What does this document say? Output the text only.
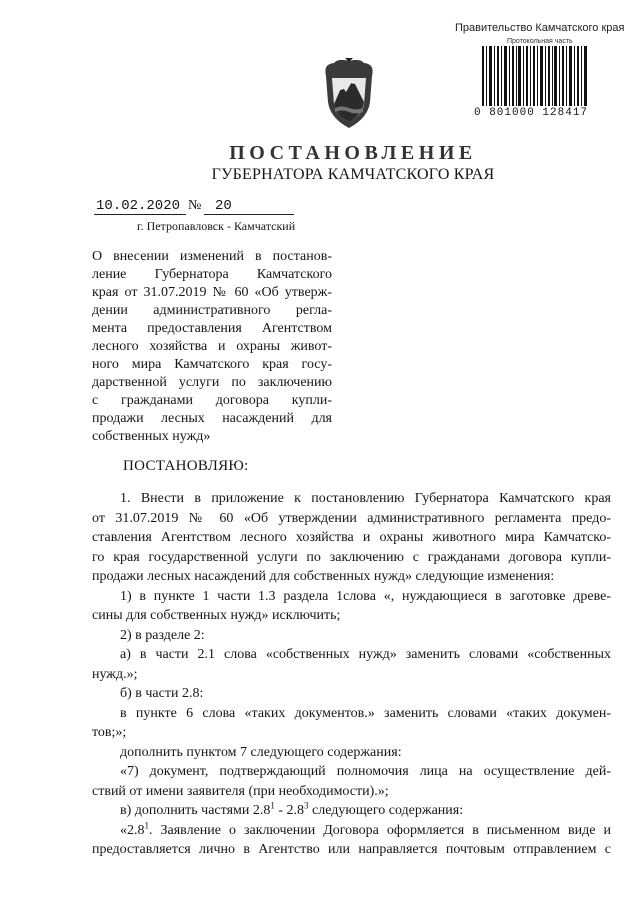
Правительство Камчатского края
Протокольная часть
0 801000 128417
ПОСТАНОВЛЕНИЕ
ГУБЕРНАТОРА КАМЧАТСКОГО КРАЯ
10.02.2020 № 20
г. Петропавловск - Камчатский
О внесении изменений в постанов-
ление Губернатора Камчатского
края от 31.07.2019 № 60 «Об утверж-
дении административного регла-
мента предоставления Агентством
лесного хозяйства и охраны живот-
ного мира Камчатского края госу-
дарственной услуги по заключению
с гражданами договора купли-
продажи лесных насаждений для
собственных нужд»
ПОСТАНОВЛЯЮ:
1. Внести в приложение к постановлению Губернатора Камчатского края
от 31.07.2019 № 60 «Об утверждении административного регламента предо-
ставления Агентством лесного хозяйства и охраны животного мира Камчатско-
го края государственной услуги по заключению с гражданами договора купли-
продажи лесных насаждений для собственных нужд» следующие изменения:
1) в пункте 1 части 1.3 раздела 1слова «, нуждающиеся в заготовке древе-
сины для собственных нужд» исключить;
2) в разделе 2:
а) в части 2.1 слова «собственных нужд» заменить словами «собственных
нужд.»;
б) в части 2.8:
в пункте 6 слова «таких документов.» заменить словами «таких докумен-
тов;»;
дополнить пунктом 7 следующего содержания:
«7) документ, подтверждающий полномочия лица на осуществление дей-
ствий от имени заявителя (при необходимости).»;
в) дополнить частями $2.8^1 - 2.8^3$ следующего содержания:
«$2.8^1$. Заявление о заключении Договора оформляется в письменном виде и
предоставляется лично в Агентство или направляется почтовым отправлением с
